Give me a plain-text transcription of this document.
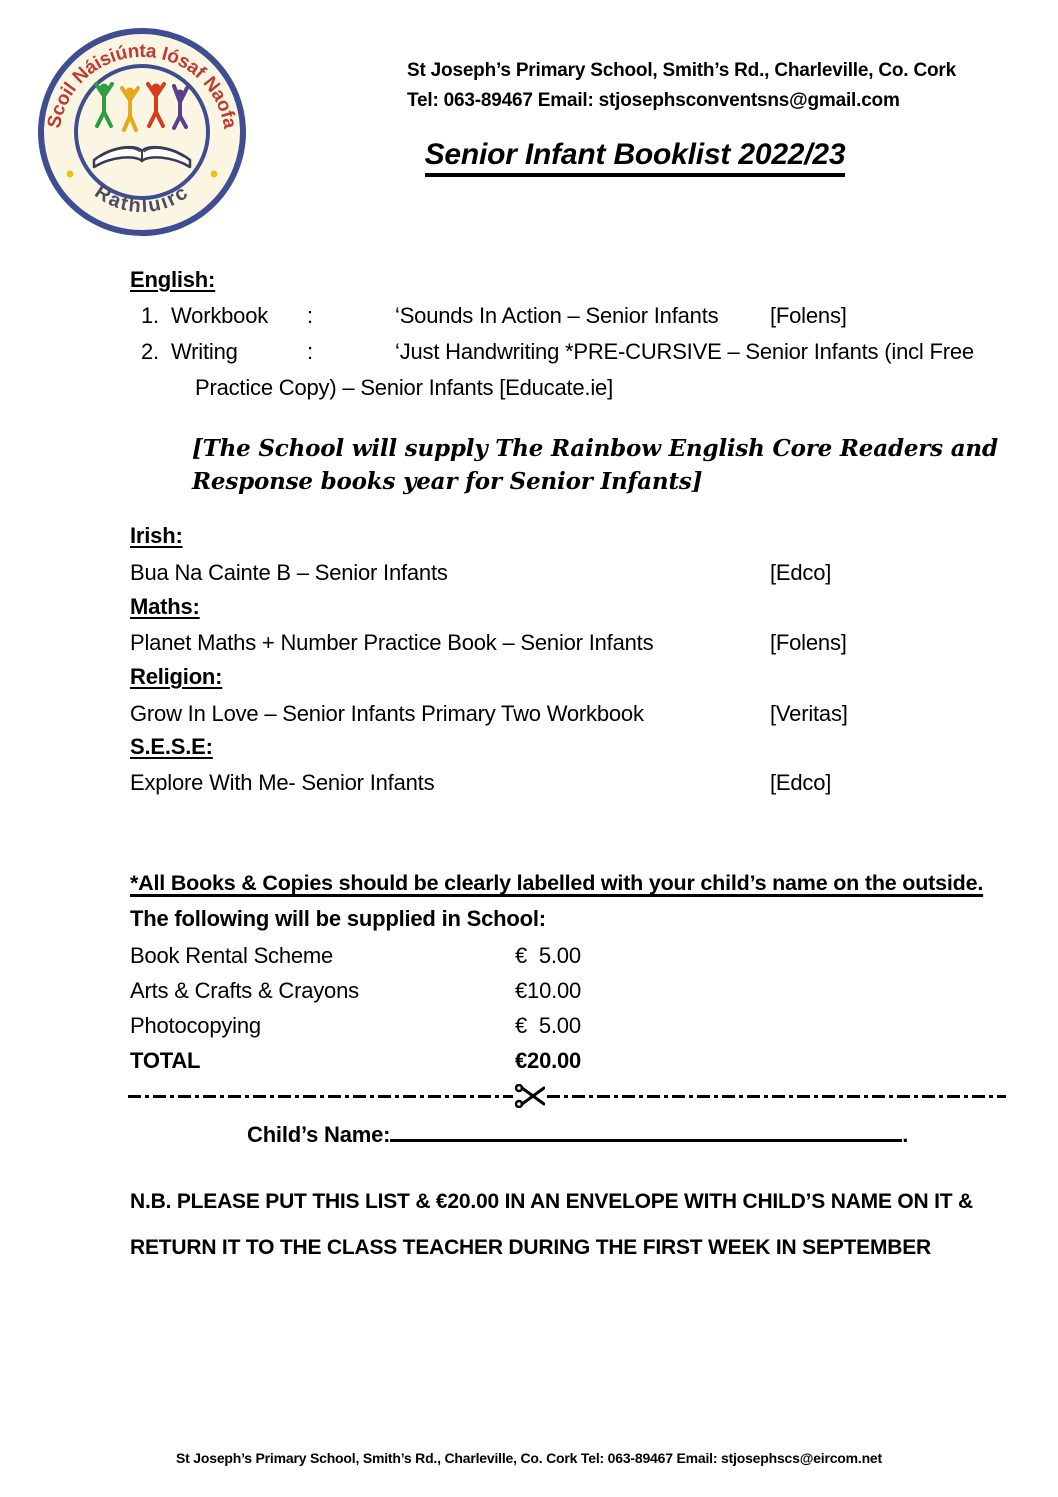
Scoil Náisiúnta Iósaf Naofa
Rathluirc
St Joseph’s Primary School, Smith’s Rd., Charleville, Co. Cork
Tel: 063-89467 Email: stjosephsconventsns@gmail.com
Senior Infant Booklist 2022/23
English:
1. Workbook :	‘Sounds In Action – Senior Infants [Folens]
2. Writing	:	‘Just Handwriting *PRE-CURSIVE – Senior Infants (incl Free
Practice Copy) – Senior Infants [Educate.ie]
[The School will supply The Rainbow English Core Readers and Response books year for Senior Infants]
Irish:
Bua Na Cainte B – Senior Infants	[Edco]
Maths:
Planet Maths + Number Practice Book – Senior Infants	[Folens]
Religion:
Grow In Love – Senior Infants Primary Two Workbook	[Veritas]
S.E.S.E:
Explore With Me- Senior Infants	[Edco]
*All Books & Copies should be clearly labelled with your child’s name on the outside.
The following will be supplied in School:
Book Rental Scheme	€  5.00
Arts & Crafts & Crayons	€10.00
Photocopying	€  5.00
TOTAL	€20.00
Child’s Name:	.
N.B. PLEASE PUT THIS LIST & €20.00 IN AN ENVELOPE WITH CHILD’S NAME ON IT &
RETURN IT TO THE CLASS TEACHER DURING THE FIRST WEEK IN SEPTEMBER
St Joseph’s Primary School, Smith’s Rd., Charleville, Co. Cork Tel: 063-89467 Email: stjosephscs@eircom.net
